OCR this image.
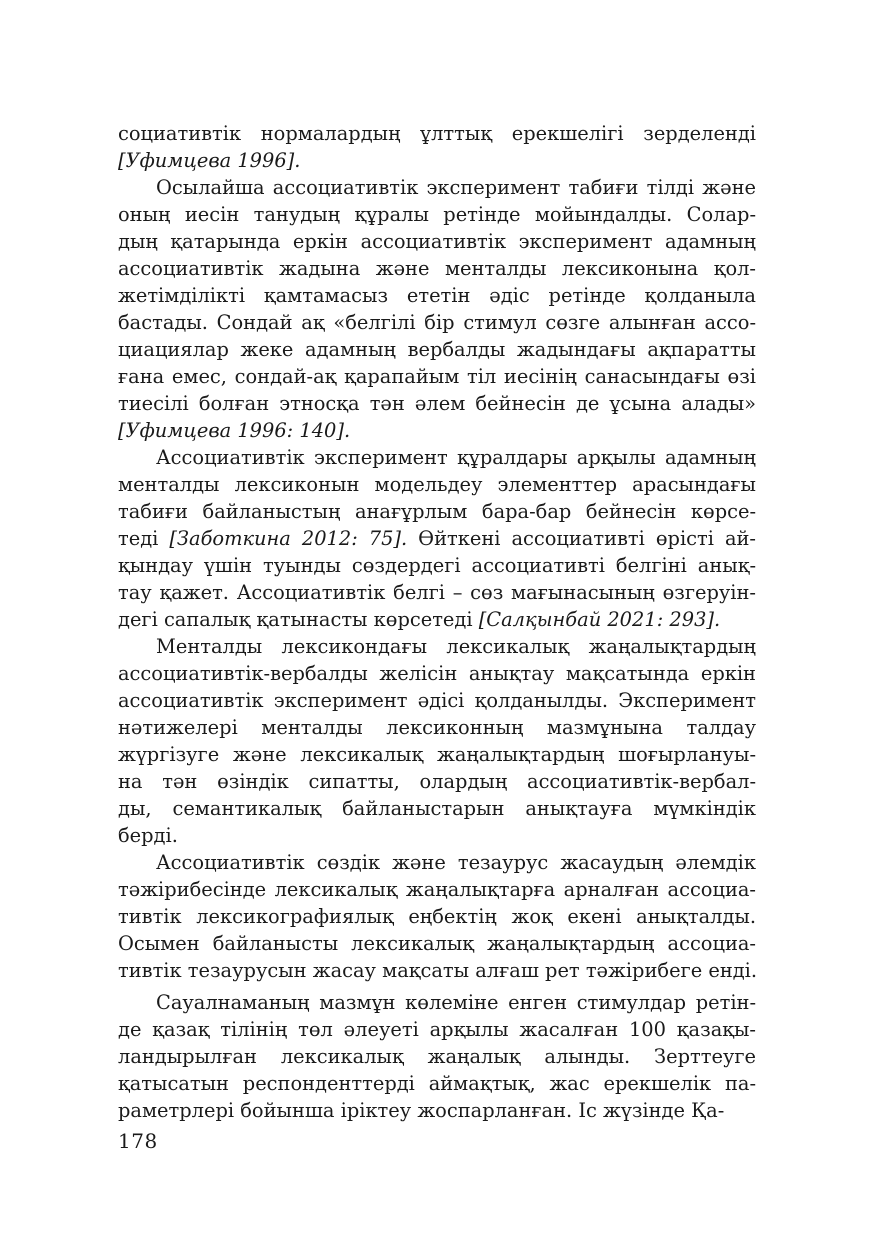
социативтік нормалардың ұлттық ерекшелігі зерделенді
[Уфимцева 1996].
Осылайша ассоциативтік эксперимент табиғи тілді және
оның иесін танудың құралы ретінде мойындалды. Солар-
дың қатарында еркін ассоциативтік эксперимент адамның
ассоциативтік жадына және менталды лексиконына қол-
жетімділікті қамтамасыз ететін әдіс ретінде қолданыла
бастады. Сондай ақ «белгілі бір стимул сөзге алынған ассо-
циациялар жеке адамның вербалды жадындағы ақпаратты
ғана емес, сондай-ақ қарапайым тіл иесінің санасындағы өзі
тиесілі болған этносқа тән әлем бейнесін де ұсына алады»
[Уфимцева 1996: 140].
Ассоциативтік эксперимент құралдары арқылы адамның
менталды лексиконын модельдеу элементтер арасындағы
табиғи байланыстың анағұрлым бара-бар бейнесін көрсе-
теді [Заботкина 2012: 75]. Өйткені ассоциативті өрісті ай-
қындау үшін туынды сөздердегі ассоциативті белгіні анық-
тау қажет. Ассоциативтік белгі – сөз мағынасының өзгеруін-
дегі сапалық қатынасты көрсетеді [Салқынбай 2021: 293].
Менталды лексикондағы лексикалық жаңалықтардың
ассоциативтік-вербалды желісін анықтау мақсатында еркін
ассоциативтік эксперимент әдісі қолданылды. Эксперимент
нәтижелері менталды лексиконның мазмұнына талдау
жүргізуге және лексикалық жаңалықтардың шоғырлануы-
на тән өзіндік сипатты, олардың ассоциативтік-вербал-
ды, семантикалық байланыстарын анықтауға мүмкіндік
берді.
Ассоциативтік сөздік және тезаурус жасаудың әлемдік
тәжірибесінде лексикалық жаңалықтарға арналған ассоциа-
тивтік лексикографиялық еңбектің жоқ екені анықталды.
Осымен байланысты лексикалық жаңалықтардың ассоциа-
тивтік тезаурусын жасау мақсаты алғаш рет тәжірибеге енді.
Сауалнаманың мазмұн көлеміне енген стимулдар ретін-
де қазақ тілінің төл әлеуеті арқылы жасалған 100 қазақы-
ландырылған лексикалық жаңалық алынды. Зерттеуге
қатысатын респонденттерді аймақтық, жас ерекшелік па-
раметрлері бойынша іріктеу жоспарланған. Іс жүзінде Қа-
178
